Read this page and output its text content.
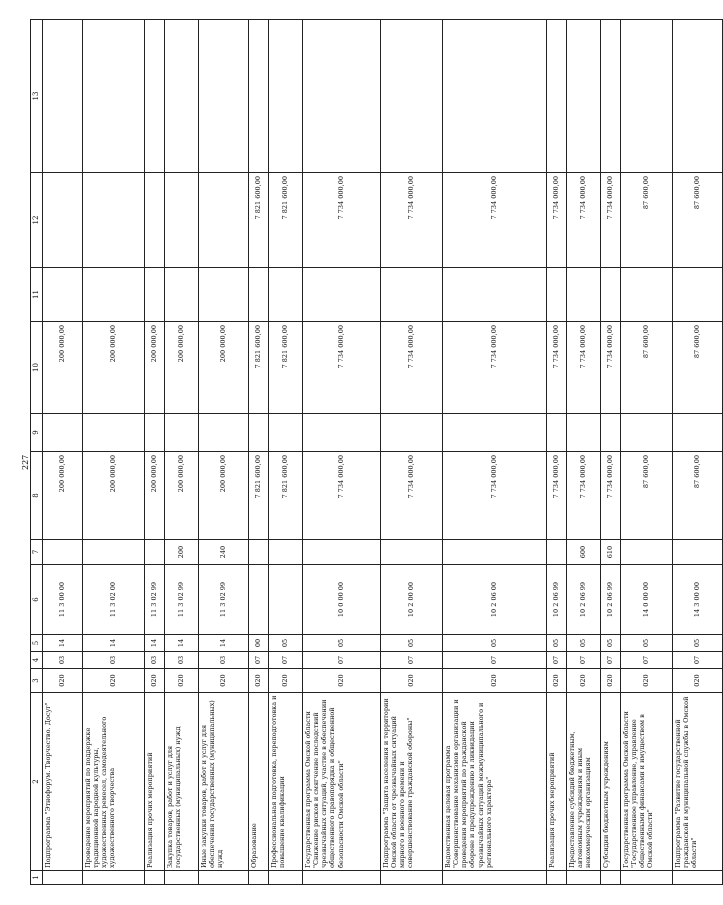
227
1	2	3	4	5	6	7	8	9	10	11	12	13
	Подпрограмма "Этнофорум. Творчество. Досуг"	020	03	14	11 3 00 00		200 000,00		200 000,00			
	Проведение мероприятий по поддержке традиционной народной культуры, художественных ремесел, самодеятельного художественного творчества	020	03	14	11 3 02 00		200 000,00		200 000,00			
	Реализация прочих мероприятий	020	03	14	11 3 02 99		200 000,00		200 000,00			
	Закупка товаров, работ и услуг для государственных (муниципальных) нужд	020	03	14	11 3 02 99	200	200 000,00		200 000,00			
	Иные закупки товаров, работ и услуг для обеспечения государственных (муниципальных) нужд	020	03	14	11 3 02 99	240	200 000,00		200 000,00			
	Образование	020	07	00			7 821 600,00		7 821 600,00		7 821 600,00	
	Профессиональная подготовка, переподготовка и повышение квалификации	020	07	05			7 821 600,00		7 821 600,00		7 821 600,00	
	Государственная программа Омской области "Снижение рисков и смягчение последствий чрезвычайных ситуаций, участие в обеспечении общественного правопорядка и общественной безопасности Омской области"	020	07	05	10 0 00 00		7 734 000,00		7 734 000,00		7 734 000,00	
	Подпрограмма "Защита населения и территории Омской области от чрезвычайных ситуаций мирного и военного времени и совершенствование гражданской обороны"	020	07	05	10 2 00 00		7 734 000,00		7 734 000,00		7 734 000,00	
	Ведомственная целевая программа "Совершенствование механизмов организации и проведения мероприятий по гражданской обороне и предупреждению и ликвидации чрезвычайных ситуаций межмуниципального и регионального характера"	020	07	05	10 2 06 00		7 734 000,00		7 734 000,00		7 734 000,00	
	Реализация прочих мероприятий	020	07	05	10 2 06 99		7 734 000,00		7 734 000,00		7 734 000,00	
	Предоставление субсидий бюджетным, автономным учреждениям и иным некоммерческим организациям	020	07	05	10 2 06 99	600	7 734 000,00		7 734 000,00		7 734 000,00	
	Субсидии бюджетным учреждениям	020	07	05	10 2 06 99	610	7 734 000,00		7 734 000,00		7 734 000,00	
	Государственная программа Омской области "Государственное управление, управление общественными финансами и имуществом в Омской области"	020	07	05	14 0 00 00		87 600,00		87 600,00		87 600,00	
	Подпрограмма "Развитие государственной гражданской и муниципальной службы в Омской области"	020	07	05	14 3 00 00		87 600,00		87 600,00		87 600,00	
